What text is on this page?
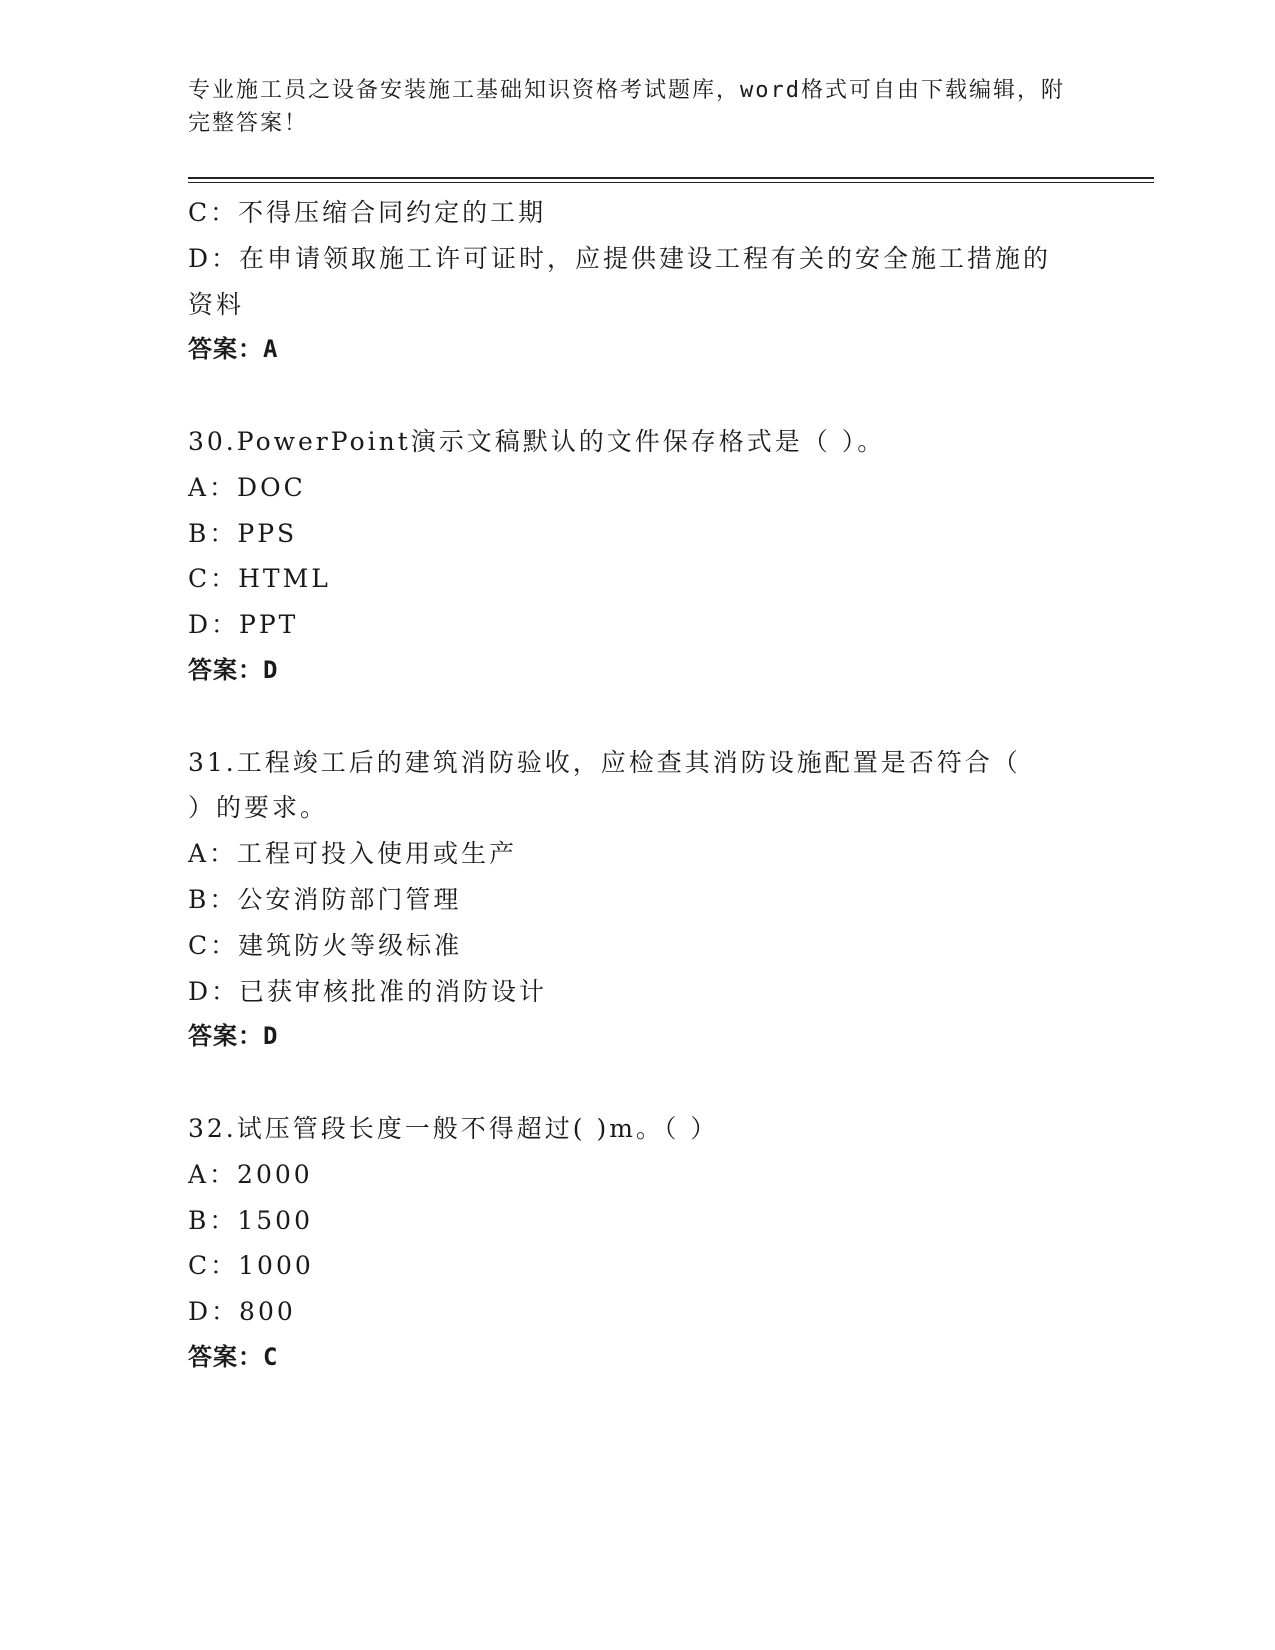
专业施工员之设备安装施工基础知识资格考试题库，word格式可自由下载编辑，附完整答案！
C：不得压缩合同约定的工期
D：在申请领取施工许可证时，应提供建设工程有关的安全施工措施的
资料
答案：A
30.PowerPoint演示文稿默认的文件保存格式是（ ）。
A：DOC
B：PPS
C：HTML
D：PPT
答案：D
31.工程竣工后的建筑消防验收，应检查其消防设施配置是否符合（
）的要求。
A：工程可投入使用或生产
B：公安消防部门管理
C：建筑防火等级标准
D：已获审核批准的消防设计
答案：D
32.试压管段长度一般不得超过( )m。（ ）
A：2000
B：1500
C：1000
D：800
答案：C
